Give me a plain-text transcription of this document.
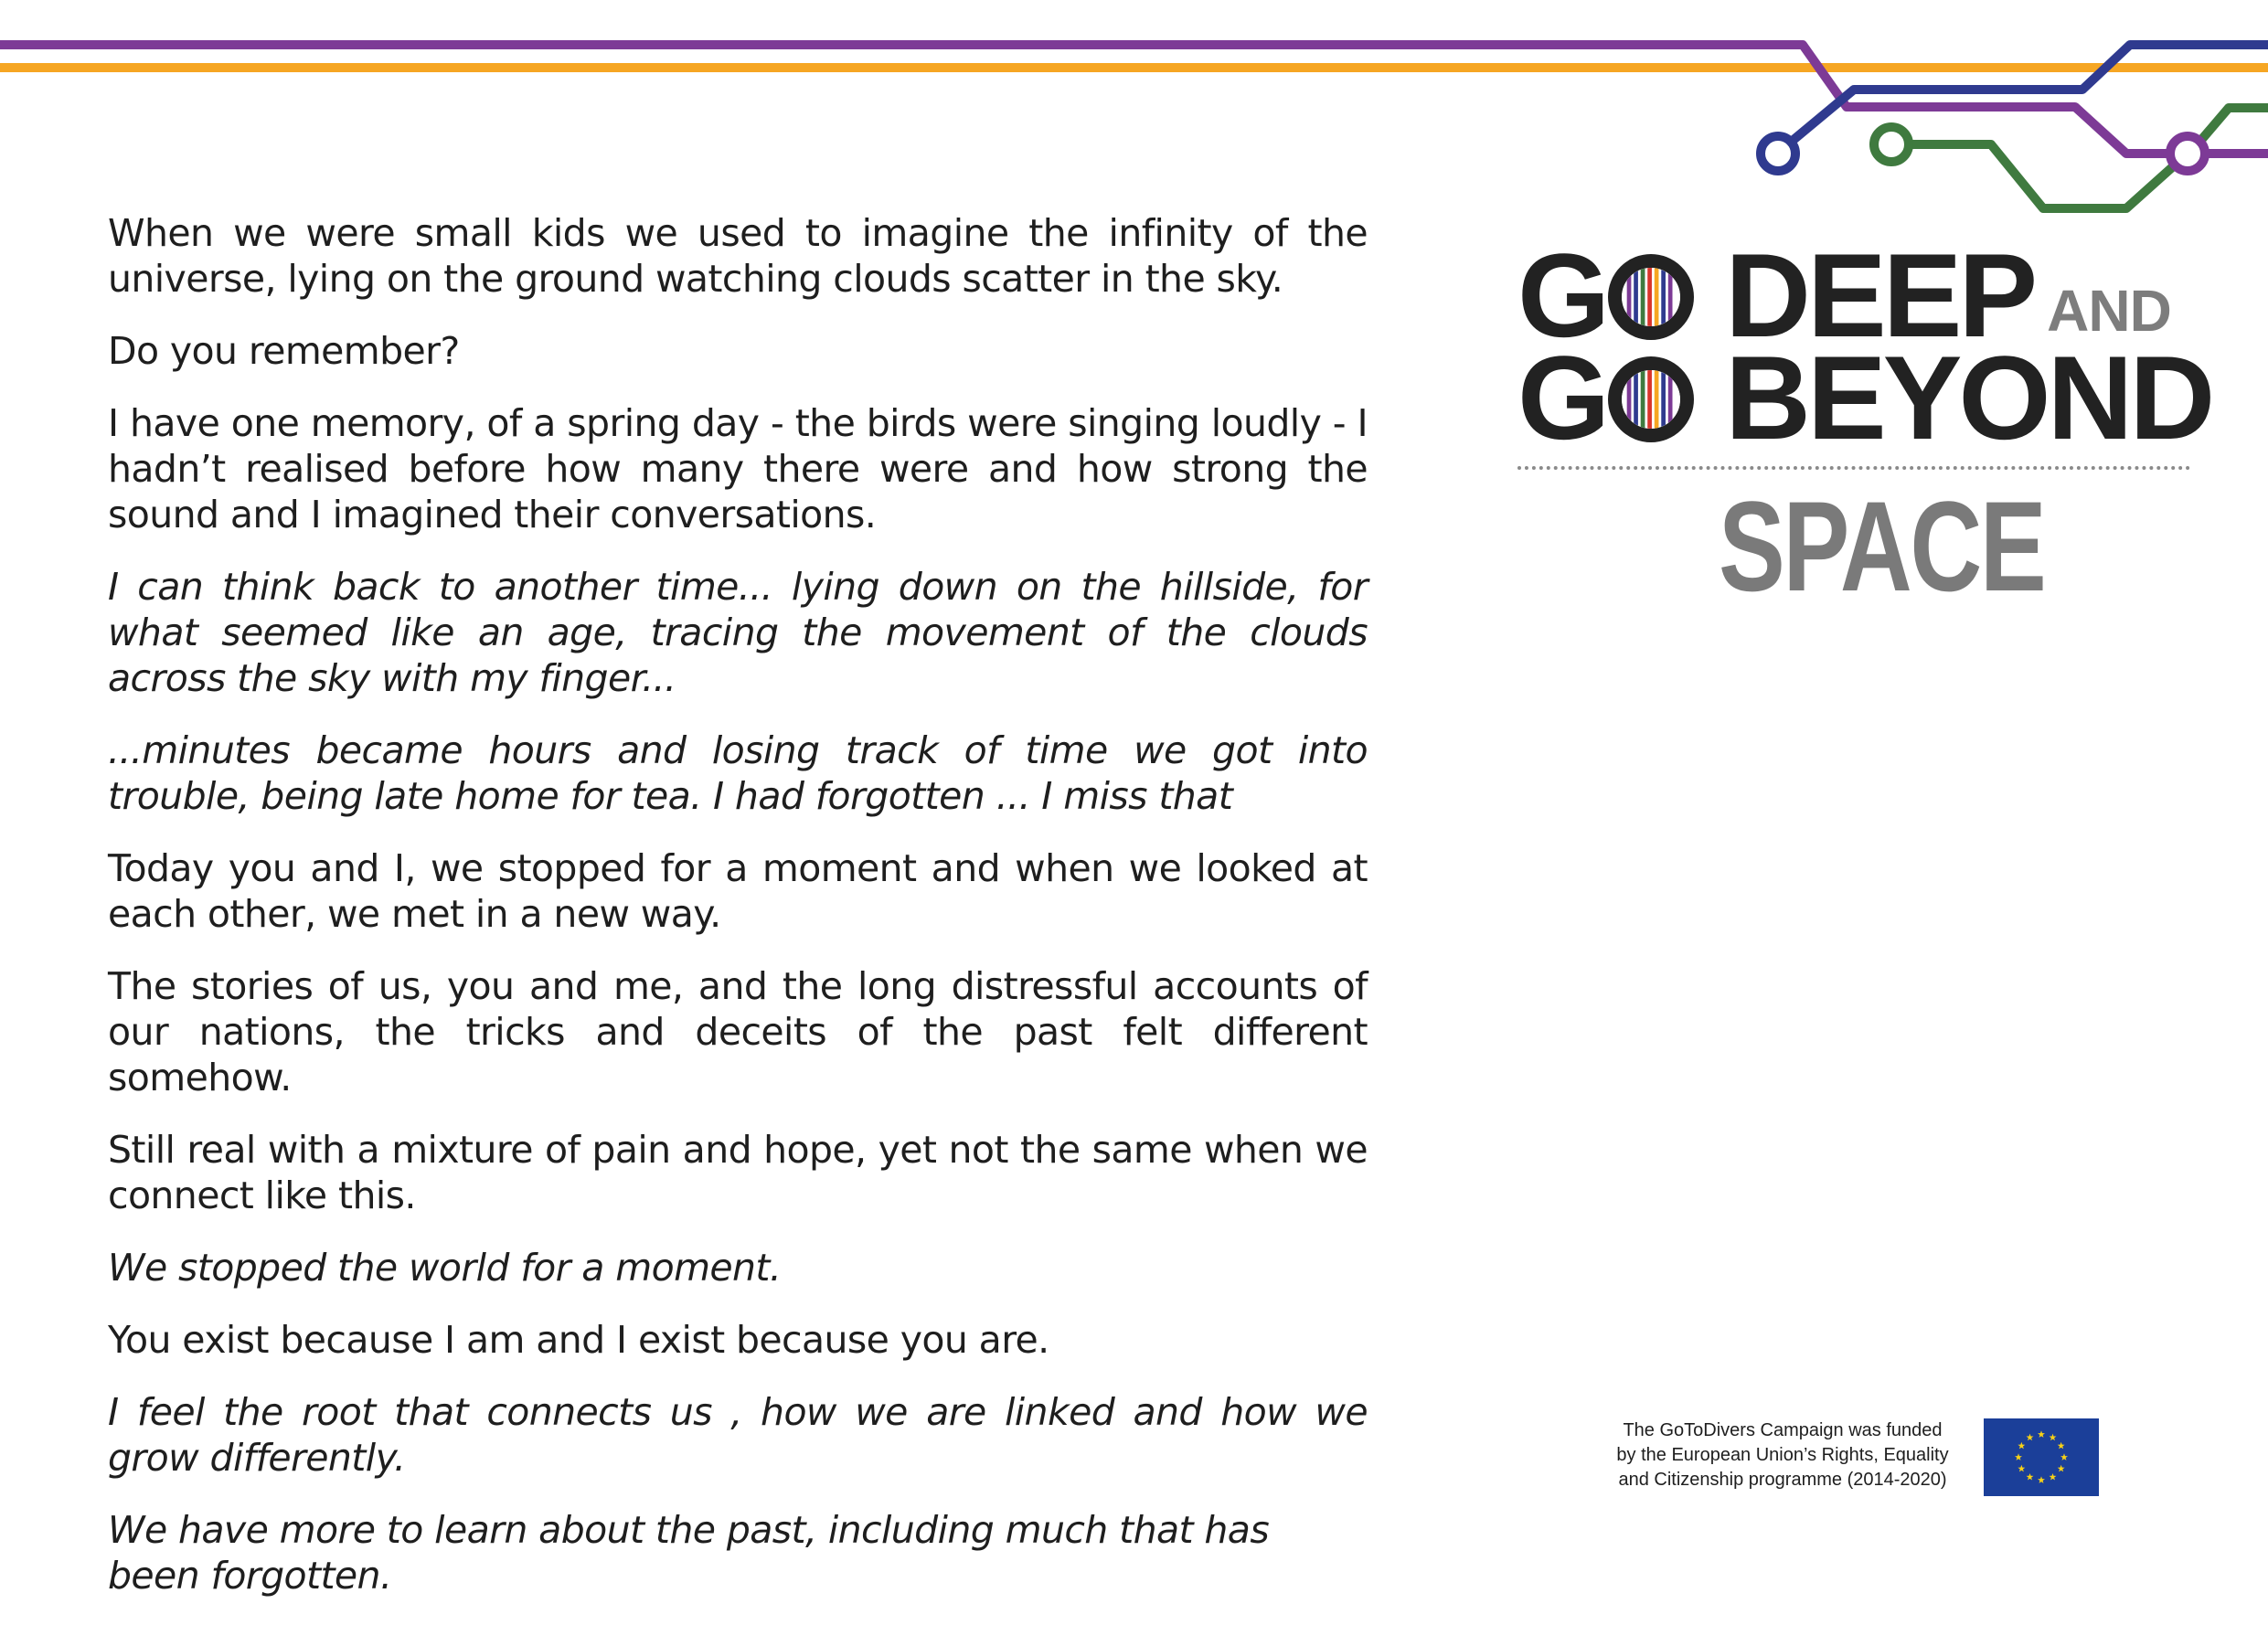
When we were small kids we used to imagine the infinity of the universe, lying on the ground watching clouds scatter in the sky.

Do you remember?

I have one memory, of a spring day - the birds were singing loudly - I hadn’t realised before how many there were and how strong the sound and I imagined their conversations.

I can think back to another time... lying down on the hillside, for what seemed like an age, tracing the movement of the clouds across the sky with my finger...

...minutes became hours and losing track of time we got into trouble, being late home for tea. I had forgotten ... I miss that

Today you and I, we stopped for a moment and when we looked at each other, we met in a new way.

The stories of us, you and me, and the long distressful accounts of our nations, the tricks and deceits of the past felt different somehow.

Still real with a mixture of pain and hope, yet not the same when we connect like this.

We stopped the world for a moment.

You exist because I am and I exist because you are.

I feel the root that connects us , how we are linked and how we grow differently.

We have more to learn about the past, including much that has been forgotten.

G DEEP AND
G BEYOND
SPACE
The GoToDivers Campaign was funded
by the European Union’s Rights, Equality
and Citizenship programme (2014-2020)
